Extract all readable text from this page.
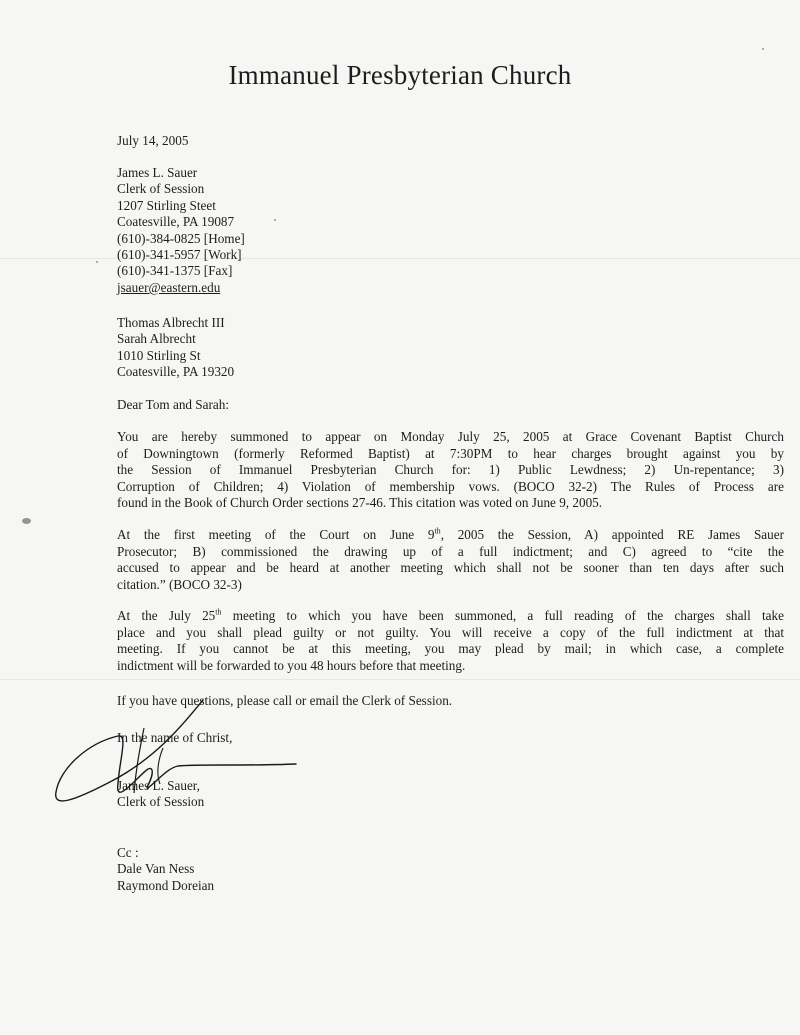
Immanuel Presbyterian Church
July 14, 2005
James L. Sauer
Clerk of Session
1207 Stirling Steet
Coatesville, PA 19087
(610)-384-0825 [Home]
(610)-341-5957 [Work]
(610)-341-1375 [Fax]
jsauer@eastern.edu
Thomas Albrecht III
Sarah Albrecht
1010 Stirling St
Coatesville, PA 19320
Dear Tom and Sarah:
You are hereby summoned to appear on Monday July 25, 2005 at Grace Covenant Baptist Church
of Downingtown (formerly Reformed Baptist) at 7:30PM to hear charges brought against you by
the Session of Immanuel Presbyterian Church for: 1) Public Lewdness; 2) Un-repentance; 3)
Corruption of Children; 4) Violation of membership vows. (BOCO 32-2) The Rules of Process are
found in the Book of Church Order sections 27-46. This citation was voted on June 9, 2005.
At the first meeting of the Court on June 9th, 2005 the Session, A) appointed RE James Sauer
Prosecutor; B) commissioned the drawing up of a full indictment; and C) agreed to “cite the
accused to appear and be heard at another meeting which shall not be sooner than ten days after such
citation.” (BOCO 32-3)
At the July 25th meeting to which you have been summoned, a full reading of the charges shall take
place and you shall plead guilty or not guilty. You will receive a copy of the full indictment at that
meeting. If you cannot be at this meeting, you may plead by mail; in which case, a complete
indictment will be forwarded to you 48 hours before that meeting.
If you have questions, please call or email the Clerk of Session.
In the name of Christ,
James L. Sauer,
Clerk of Session
Cc :
Dale Van Ness
Raymond Doreian
